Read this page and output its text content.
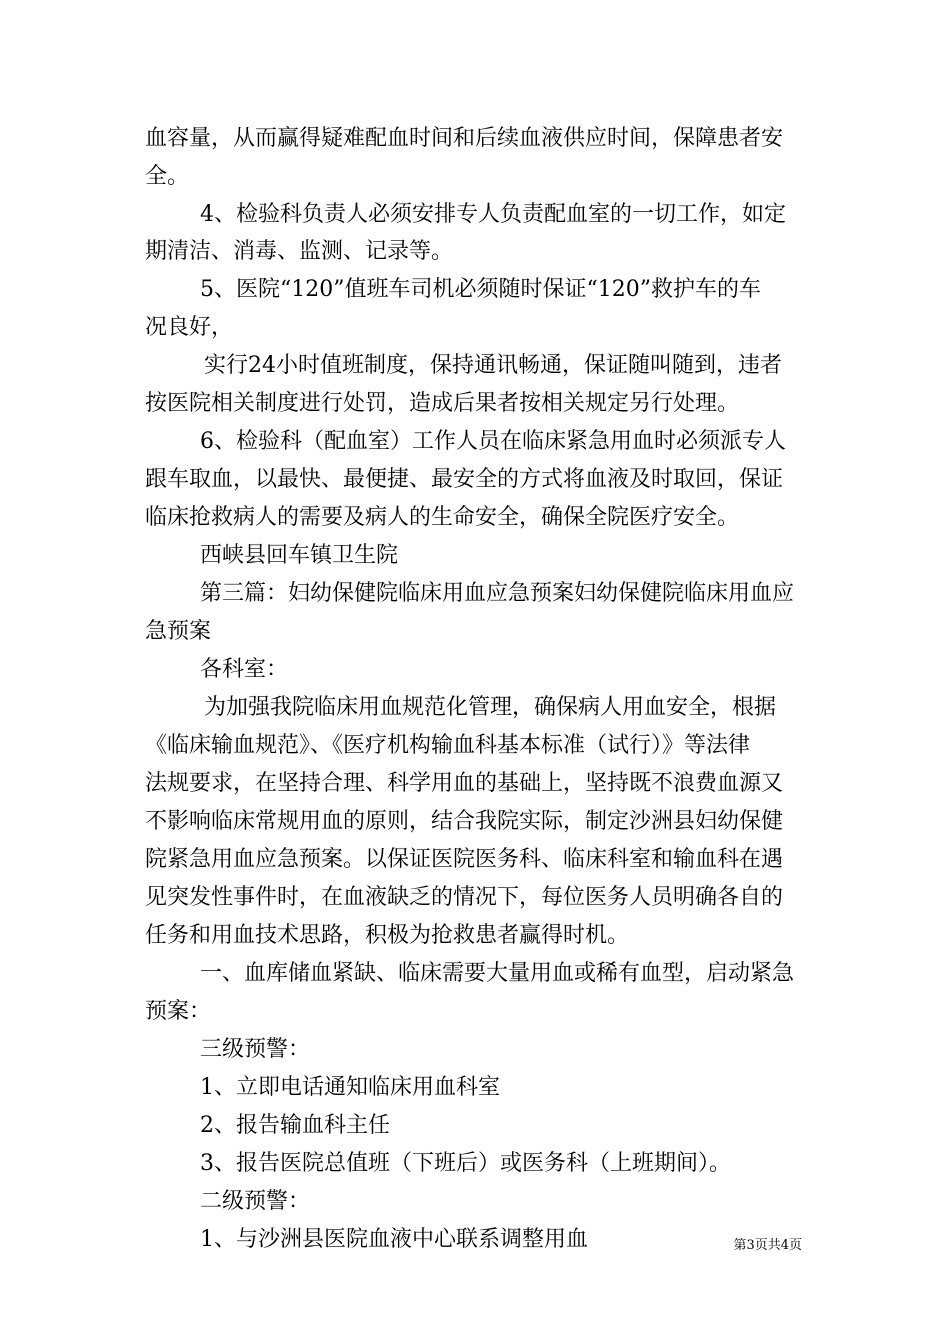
血容量，从而赢得疑难配血时间和后续血液供应时间，保障患者安
全。
4、检验科负责人必须安排专人负责配血室的一切工作，如定
期清洁、消毒、监测、记录等。
5、医院“120”值班车司机必须随时保证“120”救护车的车
况良好，
实行24小时值班制度，保持通讯畅通，保证随叫随到，违者
按医院相关制度进行处罚，造成后果者按相关规定另行处理。
6、检验科（配血室）工作人员在临床紧急用血时必须派专人
跟车取血，以最快、最便捷、最安全的方式将血液及时取回，保证
临床抢救病人的需要及病人的生命安全，确保全院医疗安全。
西峡县回车镇卫生院
第三篇：妇幼保健院临床用血应急预案妇幼保健院临床用血应
急预案
各科室：
为加强我院临床用血规范化管理，确保病人用血安全，根据
《临床输血规范》、《医疗机构输血科基本标准（试行）》等法律
法规要求，在坚持合理、科学用血的基础上，坚持既不浪费血源又
不影响临床常规用血的原则，结合我院实际，制定沙洲县妇幼保健
院紧急用血应急预案。以保证医院医务科、临床科室和输血科在遇
见突发性事件时，在血液缺乏的情况下，每位医务人员明确各自的
任务和用血技术思路，积极为抢救患者赢得时机。
一、血库储血紧缺、临床需要大量用血或稀有血型，启动紧急
预案：
三级预警：
1、立即电话通知临床用血科室
2、报告输血科主任
3、报告医院总值班（下班后）或医务科（上班期间）。
二级预警：
1、与沙洲县医院血液中心联系调整用血	第3页共4页
